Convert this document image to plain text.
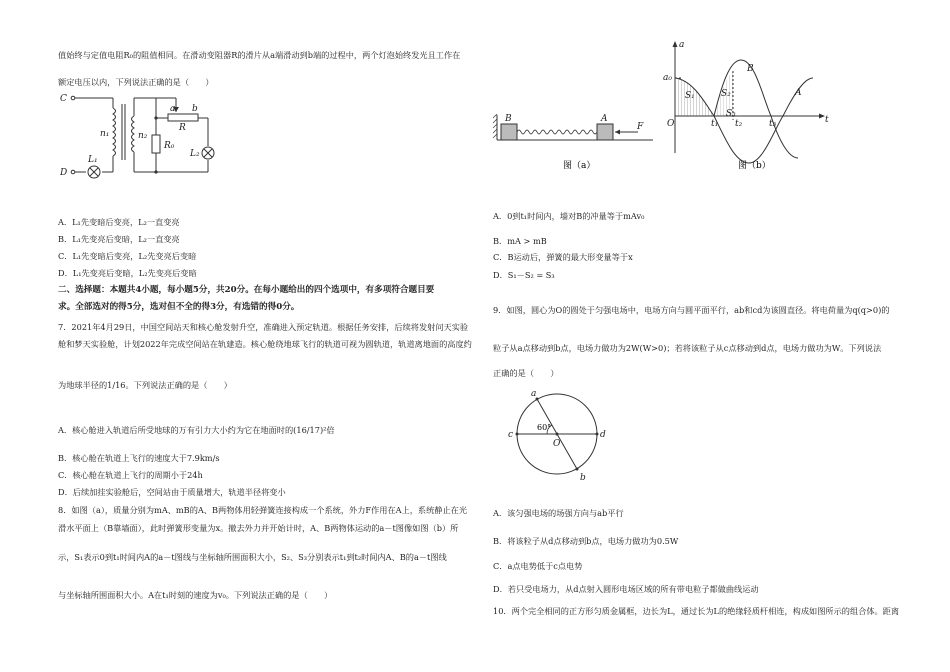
值始终与定值电阻R₀的阻值相同。在滑动变阻器R的滑片从a端滑动到b端的过程中，两个灯泡始终发光且工作在
额定电压以内，下列说法正确的是（　　）
C
D
n₁	n₂
a b
R
R₀
L₁
L₂
A．L₁先变暗后变亮，L₂一直变亮
B．L₁先变亮后变暗，L₂一直变亮
C．L₁先变暗后变亮，L₂先变亮后变暗
D．L₁先变亮后变暗，L₂先变亮后变暗
二、选择题：本题共4小题，每小题5分，共20分。在每小题给出的四个选项中，有多项符合题目要
求。全部选对的得5分，选对但不全的得3分，有选错的得0分。
7．2021年4月29日，中国空间站天和核心舱发射升空，准确进入预定轨道。根据任务安排，后续将发射问天实验
舱和梦天实验舱，计划2022年完成空间站在轨建造。核心舱绕地球飞行的轨道可视为圆轨道，轨道离地面的高度约
为地球半径的1/16。下列说法正确的是（　　）
A．核心舱进入轨道后所受地球的万有引力大小约为它在地面时的(16/17)²倍
B．核心舱在轨道上飞行的速度大于7.9km/s
C．核心舱在轨道上飞行的周期小于24h
D．后续加挂实验舱后，空间站由于质量增大，轨道半径将变小
8．如图（a），质量分别为mA、mB的A、B两物体用轻弹簧连接构成一个系统，外力F作用在A上，系统静止在光
滑水平面上（B靠墙面），此时弹簧形变量为x。撤去外力并开始计时，A、B两物体运动的a－t图像如图（b）所
示，S₁表示0到t₁时间内A的a－t图线与坐标轴所围面积大小，S₂、S₃分别表示t₁到t₂时间内A、B的a－t图线
与坐标轴所围面积大小。A在t₁时刻的速度为v₀。下列说法正确的是（　　）
B	A
F
图（a）
a
a₀
t
O
S₁	S₂
S₃
t₁ t₂	t₃
A
B
图（b）
A．0到t₁时间内，墙对B的冲量等于mAv₀
B．mA > mB
C．B运动后，弹簧的最大形变量等于x
D．S₁－S₂ = S₃
9．如图，圆心为O的圆处于匀强电场中，电场方向与圆平面平行，ab和cd为该圆直径。将电荷量为q(q>0)的
粒子从a点移动到b点，电场力做功为2W(W>0)；若将该粒子从c点移动到d点，电场力做功为W。下列说法
正确的是（　　）
a
b
c	d
O
60°
A．该匀强电场的场强方向与ab平行
B．将该粒子从d点移动到b点，电场力做功为0.5W
C．a点电势低于c点电势
D．若只受电场力，从d点射入圆形电场区域的所有带电粒子都做曲线运动
10．两个完全相同的正方形匀质金属框，边长为L，通过长为L的绝缘轻质杆相连，构成如图所示的组合体。距离
